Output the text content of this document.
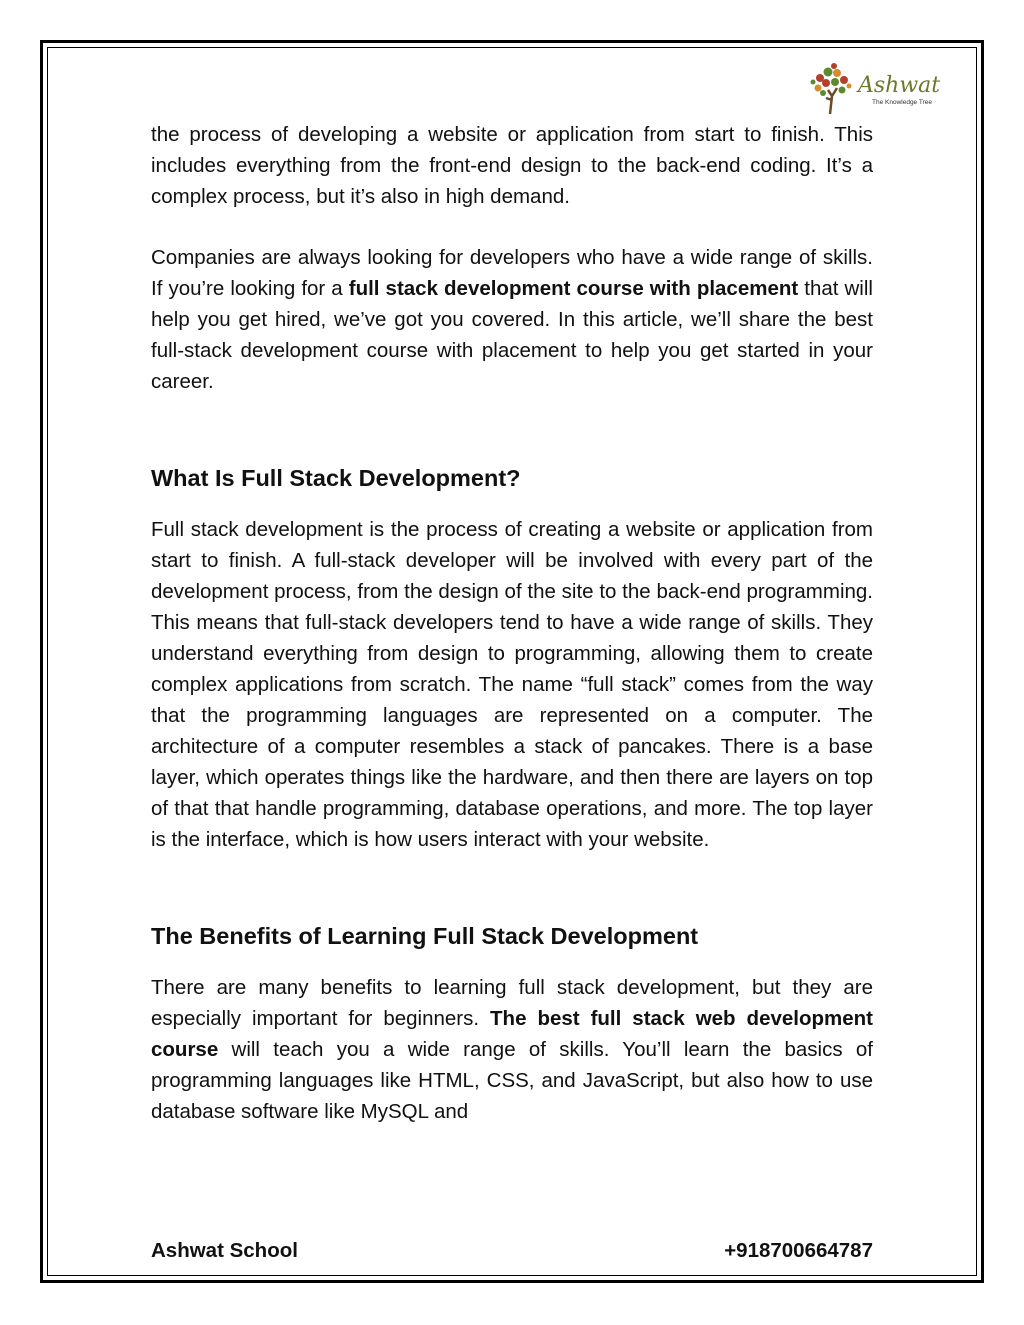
Ashwat
The Knowledge Tree

the process of developing a website or application from start to finish. This includes everything from the front-end design to the back-end coding. It’s a complex process, but it’s also in high demand.

Companies are always looking for developers who have a wide range of skills. If you’re looking for a full stack development course with placement that will help you get hired, we’ve got you covered. In this article, we’ll share the best full-stack development course with placement to help you get started in your career.

What Is Full Stack Development?

Full stack development is the process of creating a website or application from start to finish. A full-stack developer will be involved with every part of the development process, from the design of the site to the back-end programming. This means that full-stack developers tend to have a wide range of skills. They understand everything from design to programming, allowing them to create complex applications from scratch. The name “full stack” comes from the way that the programming languages are represented on a computer. The architecture of a computer resembles a stack of pancakes. There is a base layer, which operates things like the hardware, and then there are layers on top of that that handle programming, database operations, and more. The top layer is the interface, which is how users interact with your website.

The Benefits of Learning Full Stack Development

There are many benefits to learning full stack development, but they are especially important for beginners. The best full stack web development course will teach you a wide range of skills. You’ll learn the basics of programming languages like HTML, CSS, and JavaScript, but also how to use database software like MySQL and

Ashwat School	+918700664787
